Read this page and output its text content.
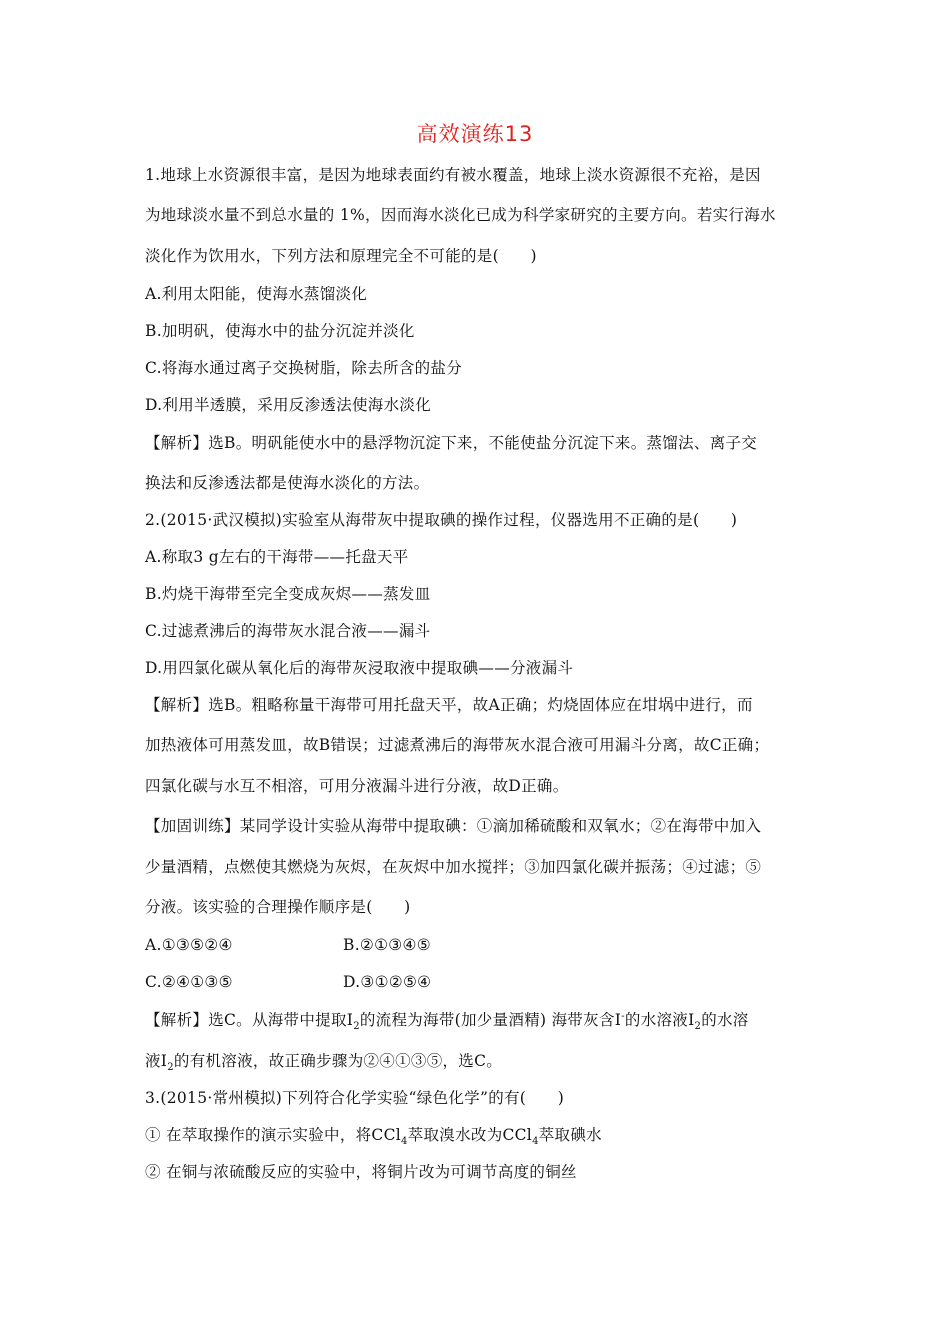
高效演练13
1.地球上水资源很丰富，是因为地球表面约有被水覆盖，地球上淡水资源很不充裕，是因
为地球淡水量不到总水量的 1%，因而海水淡化已成为科学家研究的主要方向。若实行海水
淡化作为饮用水，下列方法和原理完全不可能的是(　　)
A.利用太阳能，使海水蒸馏淡化
B.加明矾，使海水中的盐分沉淀并淡化
C.将海水通过离子交换树脂，除去所含的盐分
D.利用半透膜，采用反渗透法使海水淡化
【解析】选B。明矾能使水中的悬浮物沉淀下来，不能使盐分沉淀下来。蒸馏法、离子交
换法和反渗透法都是使海水淡化的方法。
2.(2015·武汉模拟)实验室从海带灰中提取碘的操作过程，仪器选用不正确的是(　　)
A.称取3 g左右的干海带——托盘天平
B.灼烧干海带至完全变成灰烬——蒸发皿
C.过滤煮沸后的海带灰水混合液——漏斗
D.用四氯化碳从氧化后的海带灰浸取液中提取碘——分液漏斗
【解析】选B。粗略称量干海带可用托盘天平，故A正确；灼烧固体应在坩埚中进行，而
加热液体可用蒸发皿，故B错误；过滤煮沸后的海带灰水混合液可用漏斗分离，故C正确；
四氯化碳与水互不相溶，可用分液漏斗进行分液，故D正确。
【加固训练】某同学设计实验从海带中提取碘：①滴加稀硫酸和双氧水；②在海带中加入
少量酒精，点燃使其燃烧为灰烬，在灰烬中加水搅拌；③加四氯化碳并振荡；④过滤；⑤
分液。该实验的合理操作顺序是(　　)
A.①③⑤②④	B.②①③④⑤
C.②④①③⑤	D.③①②⑤④
【解析】选C。从海带中提取$I_2$的流程为海带(加少量酒精) 海带灰含I-的水溶液$I_2$的水溶
液$I_2$的有机溶液，故正确步骤为②④①③⑤，选C。
3.(2015·常州模拟)下列符合化学实验“绿色化学”的有(　　)
① 在萃取操作的演示实验中，将CCl$_4$萃取溴水改为CCl$_4$萃取碘水
② 在铜与浓硫酸反应的实验中，将铜片改为可调节高度的铜丝
